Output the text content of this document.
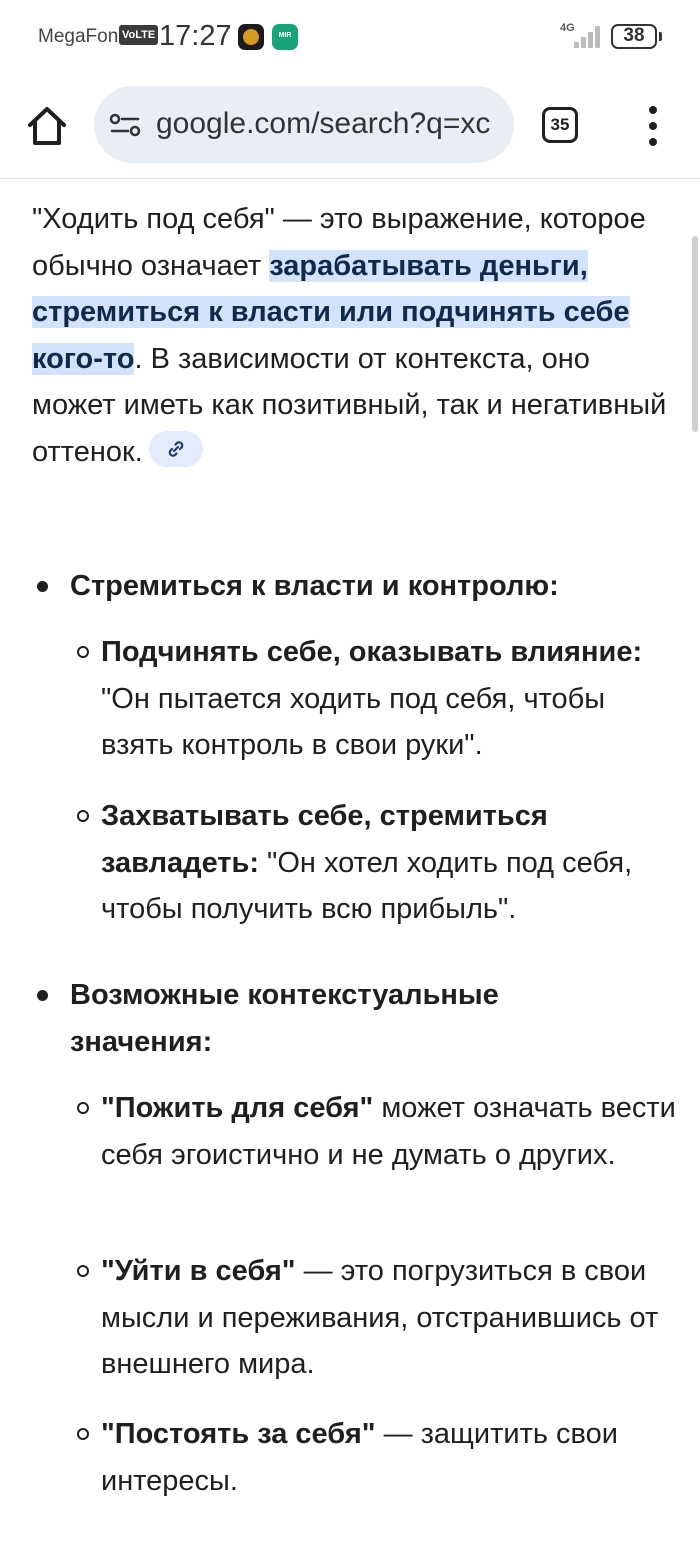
MegaFon VoLTE 17:27	MIR
4G	38
google.com/search?q=xc	35

"Ходить под себя" — это выражение, которое обычно означает зарабатывать деньги, стремиться к власти или подчинять себе кого-то. В зависимости от контекста, оно может иметь как позитивный, так и негативный оттенок.

Стремиться к власти и контролю:
Подчинять себе, оказывать влияние: "Он пытается ходить под себя, чтобы взять контроль в свои руки".
Захватывать себе, стремиться завладеть: "Он хотел ходить под себя, чтобы получить всю прибыль".
Возможные контекстуальные значения:
"Пожить для себя" может означать вести себя эгоистично и не думать о других.
"Уйти в себя" — это погрузиться в свои мысли и переживания, отстранившись от внешнего мира.
"Постоять за себя" — защитить свои интересы.
